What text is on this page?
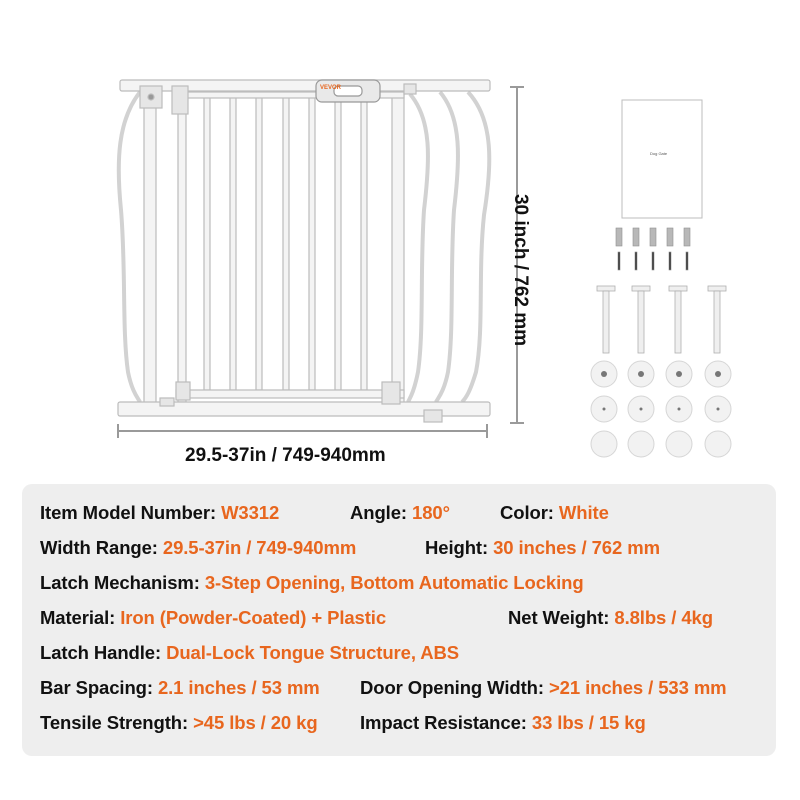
VEVOR
Dog Gate
29.5-37in / 749-940mm
30 inch / 762 mm
Item Model Number: W3312	Angle: 180°	Color: White
Width Range: 29.5-37in / 749-940mm	Height: 30 inches / 762 mm
Latch Mechanism: 3-Step Opening, Bottom Automatic Locking
Material: Iron (Powder-Coated) + Plastic	Net Weight: 8.8lbs / 4kg
Latch Handle: Dual-Lock Tongue Structure, ABS
Bar Spacing: 2.1 inches / 53 mm Door Opening Width: >21 inches / 533 mm
Tensile Strength: >45 lbs / 20 kg Impact Resistance: 33 lbs / 15 kg
